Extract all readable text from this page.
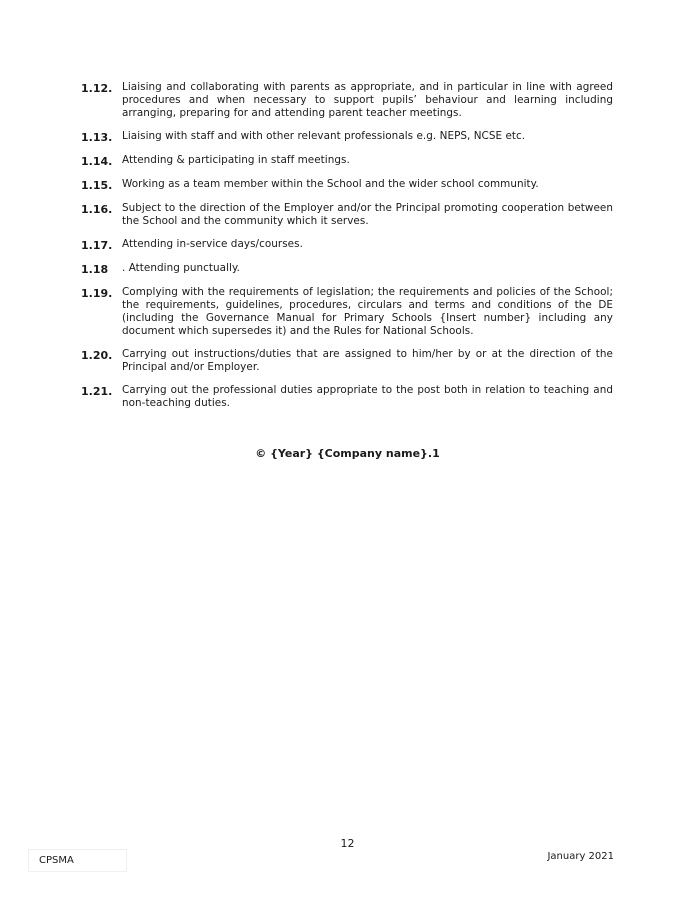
1.12. Liaising and collaborating with parents as appropriate, and in particular in line with agreed procedures and when necessary to support pupils’ behaviour and learning including arranging, preparing for and attending parent teacher meetings.
1.13. Liaising with staff and with other relevant professionals e.g. NEPS, NCSE etc.
1.14. Attending & participating in staff meetings.
1.15. Working as a team member within the School and the wider school community.
1.16. Subject to the direction of the Employer and/or the Principal promoting cooperation between the School and the community which it serves.
1.17. Attending in-service days/courses.
1.18	. Attending punctually.
1.19. Complying with the requirements of legislation; the requirements and policies of the School; the requirements, guidelines, procedures, circulars and terms and conditions of the DE (including the Governance Manual for Primary Schools {Insert number} including any document which supersedes it) and the Rules for National Schools.
1.20. Carrying out instructions/duties that are assigned to him/her by or at the direction of the Principal and/or Employer.
1.21. Carrying out the professional duties appropriate to the post both in relation to teaching and non-teaching duties.
© {Year} {Company name}.1
12
CPSMA	January 2021
